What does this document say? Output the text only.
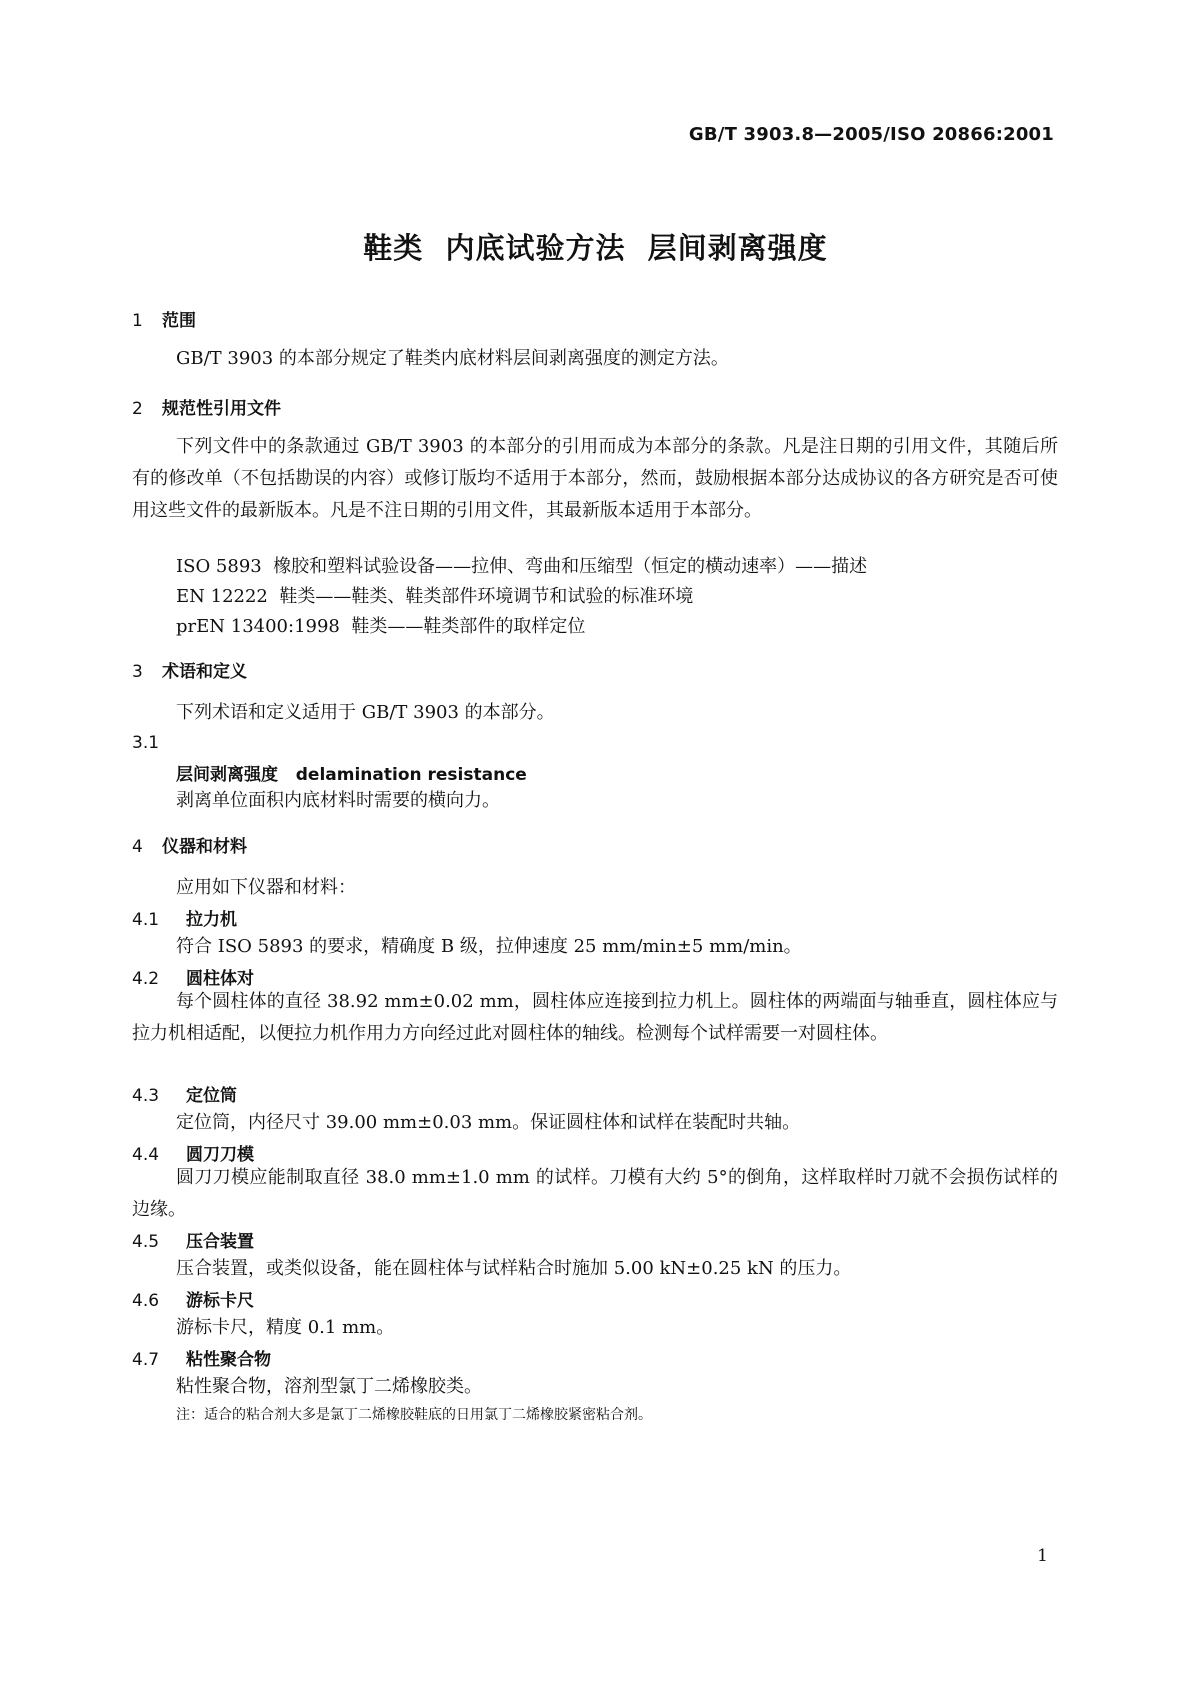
GB/T 3903.8—2005/ISO 20866:2001
鞋类  内底试验方法  层间剥离强度
1 范围
GB/T 3903 的本部分规定了鞋类内底材料层间剥离强度的测定方法。
2 规范性引用文件
下列文件中的条款通过 GB/T 3903 的本部分的引用而成为本部分的条款。凡是注日期的引用文件，其随后所有的修改单（不包括勘误的内容）或修订版均不适用于本部分，然而，鼓励根据本部分达成协议的各方研究是否可使用这些文件的最新版本。凡是不注日期的引用文件，其最新版本适用于本部分。
ISO 5893  橡胶和塑料试验设备——拉伸、弯曲和压缩型（恒定的横动速率）——描述
EN 12222  鞋类——鞋类、鞋类部件环境调节和试验的标准环境
prEN 13400:1998  鞋类——鞋类部件的取样定位
3 术语和定义
下列术语和定义适用于 GB/T 3903 的本部分。
3.1
层间剥离强度   delamination resistance
剥离单位面积内底材料时需要的横向力。
4 仪器和材料
应用如下仪器和材料：
4.1 拉力机
符合 ISO 5893 的要求，精确度 B 级，拉伸速度 25 mm/min±5 mm/min。
4.2 圆柱体对
每个圆柱体的直径 38.92 mm±0.02 mm，圆柱体应连接到拉力机上。圆柱体的两端面与轴垂直，圆柱体应与拉力机相适配，以便拉力机作用力方向经过此对圆柱体的轴线。检测每个试样需要一对圆柱体。
4.3 定位筒
定位筒，内径尺寸 39.00 mm±0.03 mm。保证圆柱体和试样在装配时共轴。
4.4 圆刀刀模
圆刀刀模应能制取直径 38.0 mm±1.0 mm 的试样。刀模有大约 5°的倒角，这样取样时刀就不会损伤试样的边缘。
4.5 压合装置
压合装置，或类似设备，能在圆柱体与试样粘合时施加 5.00 kN±0.25 kN 的压力。
4.6 游标卡尺
游标卡尺，精度 0.1 mm。
4.7 粘性聚合物
粘性聚合物，溶剂型氯丁二烯橡胶类。
注：适合的粘合剂大多是氯丁二烯橡胶鞋底的日用氯丁二烯橡胶紧密粘合剂。
1
